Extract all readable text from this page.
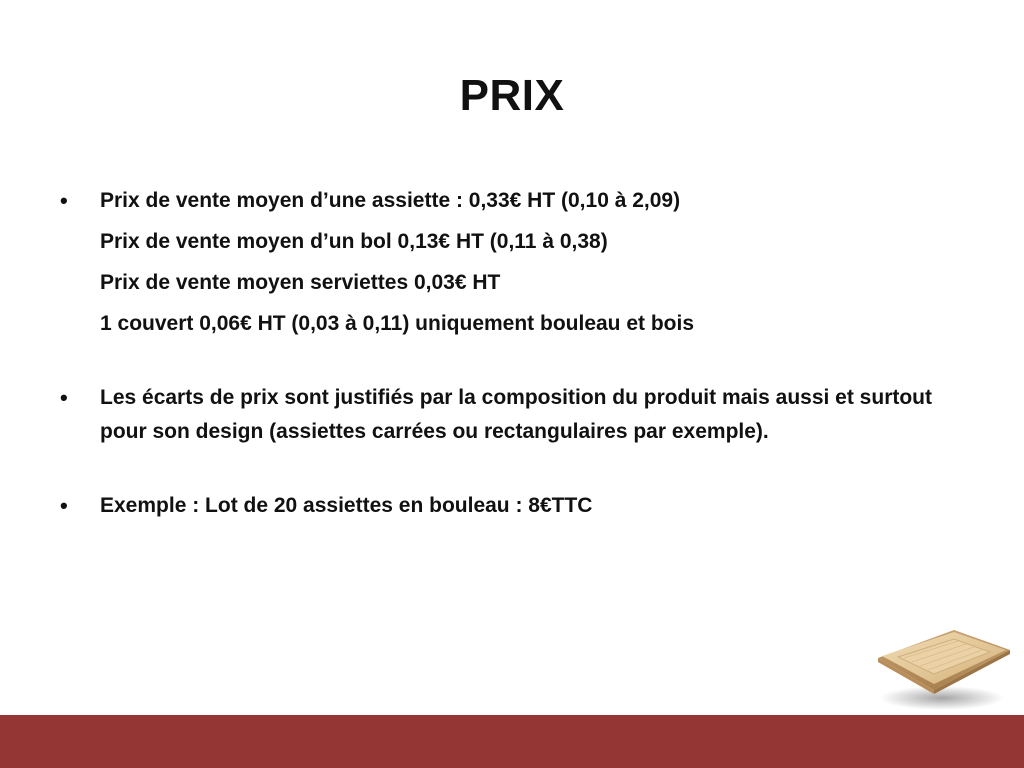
PRIX
•	Prix de vente moyen d’une assiette : 0,33€ HT (0,10 à 2,09)
Prix de vente moyen d’un bol 0,13€ HT (0,11 à 0,38)
Prix de vente moyen serviettes 0,03€ HT
1 couvert 0,06€ HT (0,03 à 0,11) uniquement bouleau et bois
•	Les écarts de prix sont justifiés par la composition du produit mais aussi et surtout pour son design (assiettes carrées ou rectangulaires par exemple).
•	Exemple : Lot de 20 assiettes en bouleau : 8€TTC
